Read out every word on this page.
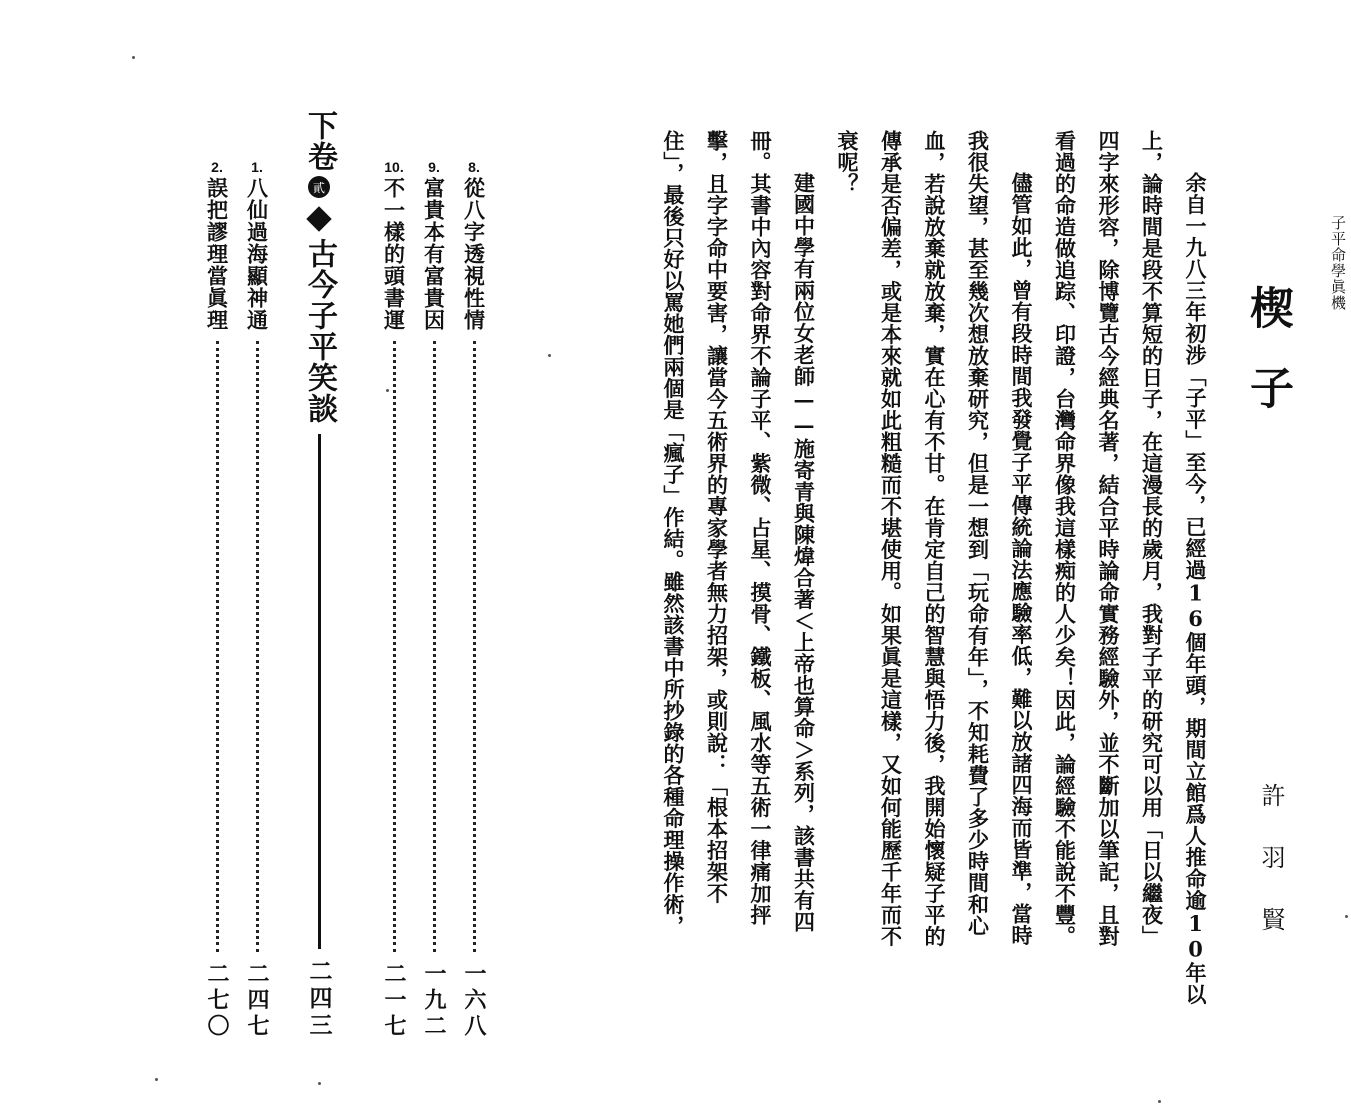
子平命學眞機
楔子
許羽賢
余自一九八三年初涉「子平」至今，已經過16個年頭，期間立館爲人推命逾10年以
上，論時間是段不算短的日子，在這漫長的歲月，我對子平的研究可以用「日以繼夜」
四字來形容，除博覽古今經典名著，結合平時論命實務經驗外，並不斷加以筆記，且對
看過的命造做追踪、印證，台灣命界像我這樣痴的人少矣！因此，論經驗不能說不豐。
儘管如此，曾有段時間我發覺子平傳統論法應驗率低，難以放諸四海而皆準，當時
我很失望，甚至幾次想放棄研究，但是一想到「玩命有年」，不知耗費了多少時間和心
血，若說放棄就放棄，實在心有不甘。在肯定自己的智慧與悟力後，我開始懷疑子平的
傳承是否偏差，或是本來就如此粗糙而不堪使用。如果眞是這樣，又如何能歷千年而不
衰呢？
建國中學有兩位女老師——施寄青與陳煒合著＜上帝也算命＞系列，該書共有四
冊。其書中內容對命界不論子平、紫微、占星、摸骨、鐵板、風水等五術一律痛加抨
擊，且字字命中要害，讓當今五術界的專家學者無力招架，或則說：「根本招架不
住」，最後只好以罵她們兩個是「瘋子」作結。雖然該書中所抄錄的各種命理操作術，
8.
從八字透視性情
一六八
9.
富貴本有富貴因
一九二
10.
不一樣的頭書運
二一七
下卷
貳
古今子平笑談
二四三
1.
八仙過海顯神通
二四七
2.
誤把謬理當眞理
二七〇
